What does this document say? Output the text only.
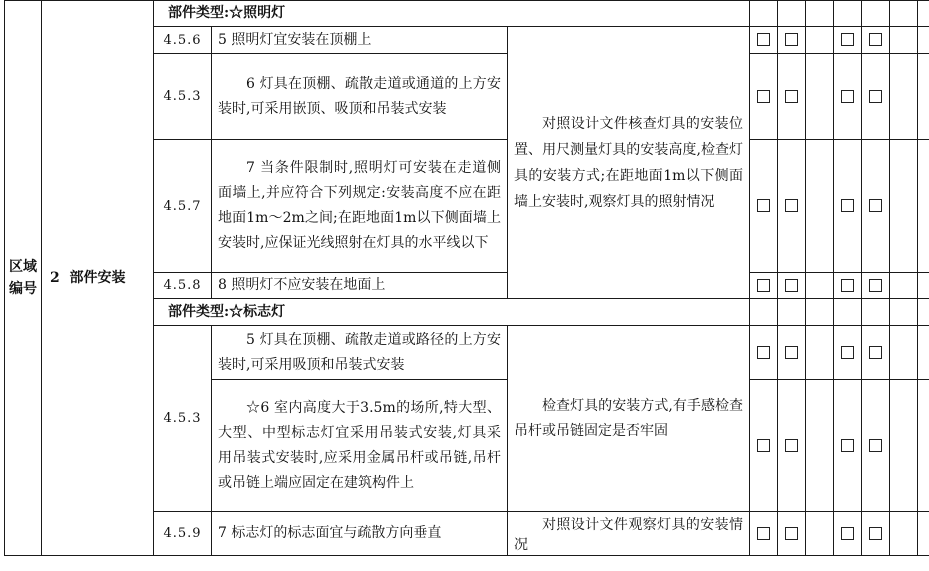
区域
编号	2  部件安装	部件类型:☆照明灯									
		4.5.6	5 照明灯宜安装在顶棚上	对照设计文件核查灯具的安装位置、用尺测量灯具的安装高度,检查灯具的安装方式;在距地面1m以下侧面墙上安装时,观察灯具的照射情况							
		4.5.3	6 灯具在顶棚、疏散走道或通道的上方安装时,可采用嵌顶、吸顶和吊装式安装								
		4.5.7	7 当条件限制时,照明灯可安装在走道侧面墙上,并应符合下列规定:安装高度不应在距地面1m～2m之间;在距地面1m以下侧面墙上安装时,应保证光线照射在灯具的水平线以下								
		4.5.8	8 照明灯不应安装在地面上								
		部件类型:☆标志灯									
		4.5.3	5 灯具在顶棚、疏散走道或路径的上方安装时,可采用吸顶和吊装式安装	检查灯具的安装方式,有手感检查吊杆或吊链固定是否牢固							
			☆6 室内高度大于3.5m的场所,特大型、大型、中型标志灯宜采用吊装式安装,灯具采用吊装式安装时,应采用金属吊杆或吊链,吊杆或吊链上端应固定在建筑构件上								
		4.5.9	7 标志灯的标志面宜与疏散方向垂直	对照设计文件观察灯具的安装情况							
